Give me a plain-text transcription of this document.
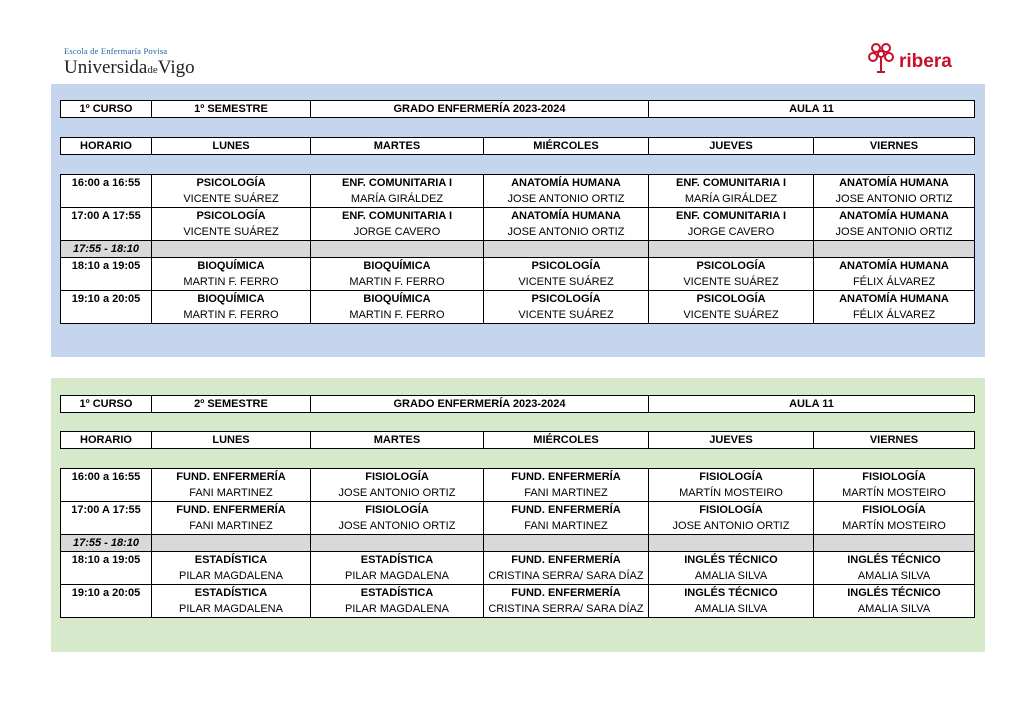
Escola de Enfermaría Povisa
UniversidadeVigo	ribera
1º CURSO	1º SEMESTRE	GRADO ENFERMERÍA 2023-2024	AULA 11
HORARIO	LUNES	MARTES	MIÉRCOLES	JUEVES	VIERNES
16:00 a 16:55	PSICOLOGÍA	ENF. COMUNITARIA I	ANATOMÍA HUMANA	ENF. COMUNITARIA I	ANATOMÍA HUMANA
	VICENTE SUÁREZ	MARÍA GIRÁLDEZ	JOSE ANTONIO ORTIZ	MARÍA GIRÁLDEZ	JOSE ANTONIO ORTIZ
17:00 A 17:55	PSICOLOGÍA	ENF. COMUNITARIA I	ANATOMÍA HUMANA	ENF. COMUNITARIA I	ANATOMÍA HUMANA
	VICENTE SUÁREZ	JORGE CAVERO	JOSE ANTONIO ORTIZ	JORGE CAVERO	JOSE ANTONIO ORTIZ
17:55 - 18:10					
18:10 a 19:05	BIOQUÍMICA	BIOQUÍMICA	PSICOLOGÍA	PSICOLOGÍA	ANATOMÍA HUMANA
	MARTIN F. FERRO	MARTIN F. FERRO	VICENTE SUÁREZ	VICENTE SUÁREZ	FÉLIX ÁLVAREZ
19:10 a 20:05	BIOQUÍMICA	BIOQUÍMICA	PSICOLOGÍA	PSICOLOGÍA	ANATOMÍA HUMANA
	MARTIN F. FERRO	MARTIN F. FERRO	VICENTE SUÁREZ	VICENTE SUÁREZ	FÉLIX ÁLVAREZ
1º CURSO	2º SEMESTRE	GRADO ENFERMERÍA 2023-2024	AULA 11
HORARIO	LUNES	MARTES	MIÉRCOLES	JUEVES	VIERNES
16:00 a 16:55	FUND. ENFERMERÍA	FISIOLOGÍA	FUND. ENFERMERÍA	FISIOLOGÍA	FISIOLOGÍA
	FANI MARTINEZ	JOSE ANTONIO ORTIZ	FANI MARTINEZ	MARTÍN MOSTEIRO	MARTÍN MOSTEIRO
17:00 A 17:55	FUND. ENFERMERÍA	FISIOLOGÍA	FUND. ENFERMERÍA	FISIOLOGÍA	FISIOLOGÍA
	FANI MARTINEZ	JOSE ANTONIO ORTIZ	FANI MARTINEZ	JOSE ANTONIO ORTIZ	MARTÍN MOSTEIRO
17:55 - 18:10					
18:10 a 19:05	ESTADÍSTICA	ESTADÍSTICA	FUND. ENFERMERÍA	INGLÉS TÉCNICO	INGLÉS TÉCNICO
	PILAR MAGDALENA	PILAR MAGDALENA	CRISTINA SERRA/ SARA DÍAZ	AMALIA SILVA	AMALIA SILVA
19:10 a 20:05	ESTADÍSTICA	ESTADÍSTICA	FUND. ENFERMERÍA	INGLÉS TÉCNICO	INGLÉS TÉCNICO
	PILAR MAGDALENA	PILAR MAGDALENA	CRISTINA SERRA/ SARA DÍAZ	AMALIA SILVA	AMALIA SILVA
